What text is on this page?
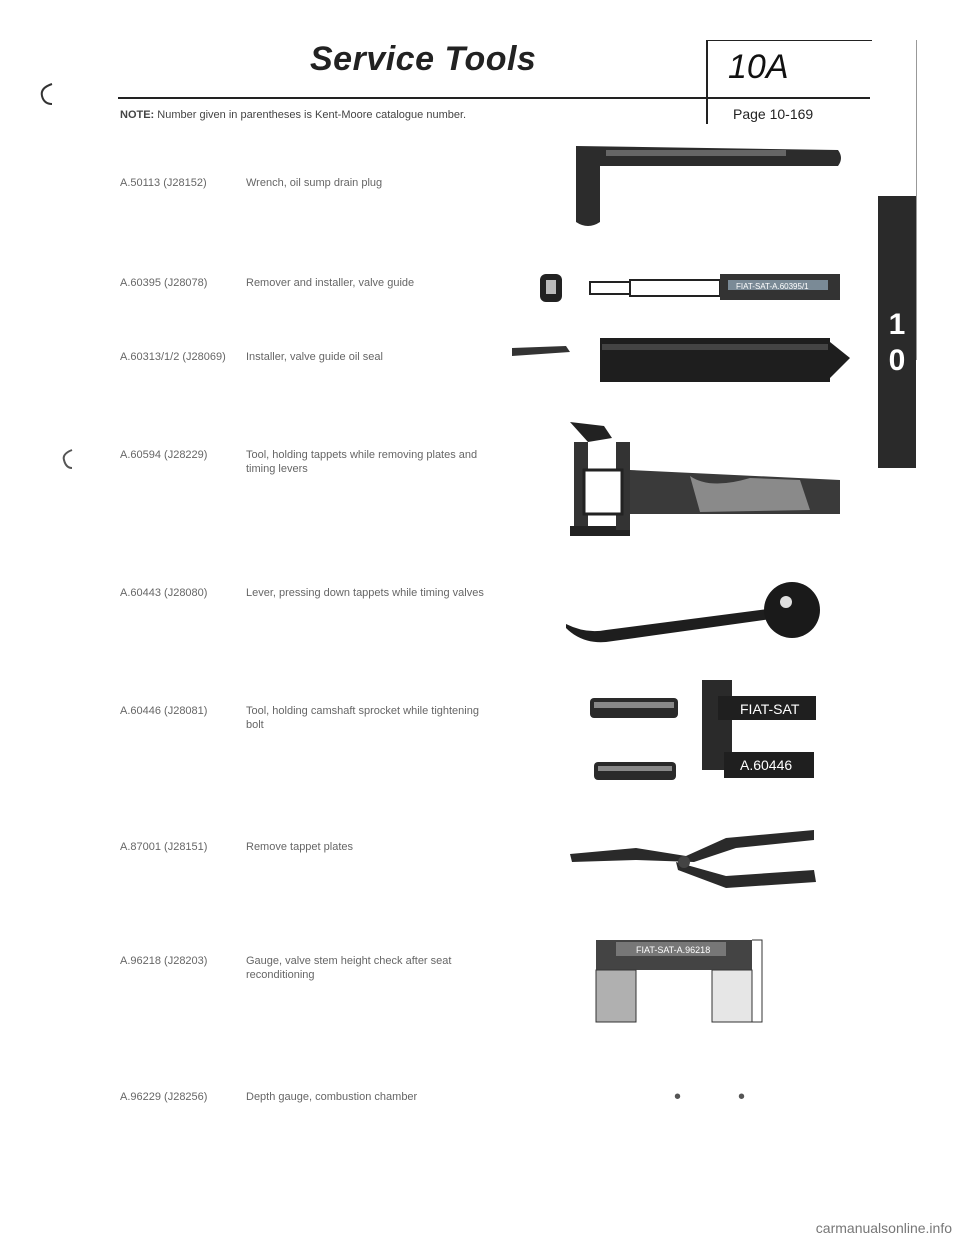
Service Tools	10A
Page 10-169
NOTE: Number given in parentheses is Kent-Moore catalogue number.
A.50113 (J28152)	Wrench, oil sump drain plug
A.60395 (J28078)	Remover and installer, valve guide
A.60313/1/2 (J28069) Installer, valve guide oil seal
A.60594 (J28229)	Tool, holding tappets while removing plates and timing levers
A.60443 (J28080)	Lever, pressing down tappets while timing valves
A.60446 (J28081)	Tool, holding camshaft sprocket while tightening bolt
A.87001 (J28151)	Remove tappet plates
A.96218 (J28203)	Gauge, valve stem height check after seat reconditioning
A.96229 (J28256)	Depth gauge, combustion chamber
FIAT-SAT-A.60395/1
FIAT-SAT
A.60446
FIAT-SAT-A.96218
•	•
1
0
carmanualsonline.info
